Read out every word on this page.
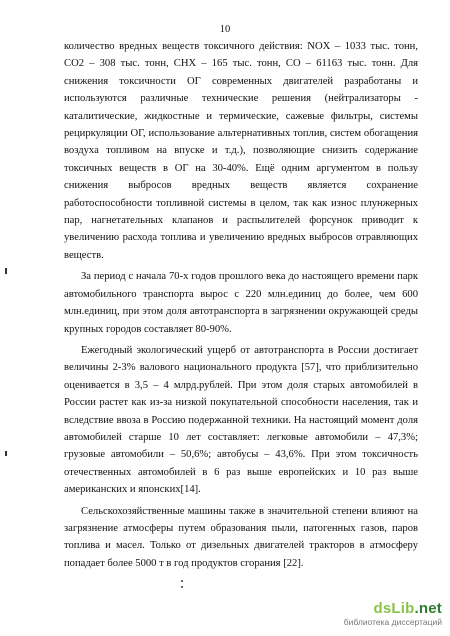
10

количество вредных веществ токсичного действия: NOX – 1033 тыс. тонн, CO2 – 308 тыс. тонн, CHX – 165 тыс. тонн, СО – 61163 тыс. тонн. Для снижения токсичности ОГ современных двигателей разработаны и используются различные технические решения (нейтрализаторы - каталитические, жидкостные и термические, сажевые фильтры, системы рециркуляции ОГ, использование альтернативных топлив, систем обогащения воздуха топливом на впуске и т.д.), позволяющие снизить содержание токсичных веществ в ОГ на 30-40%. Ещё одним аргументом в пользу снижения выбросов вредных веществ является сохранение работоспособности топливной системы в целом, так как износ плунжерных пар, нагнетательных клапанов и распылителей форсунок приводит к увеличению расхода топлива и увеличению вредных выбросов отравляющих веществ.

За период с начала 70-х годов прошлого века до настоящего времени парк автомобильного транспорта вырос с 220 млн.единиц до более, чем 600 млн.единиц, при этом доля автотранспорта в загрязнении окружающей среды крупных городов составляет 80-90%.

Ежегодный экологический ущерб от автотранспорта в России достигает величины 2-3% валового национального продукта [57], что приблизительно оценивается в 3,5 – 4 млрд.рублей. При этом доля старых автомобилей в России растет как из-за низкой покупательной способности населения, так и вследствие ввоза в Россию подержанной техники. На настоящий момент доля автомобилей старше 10 лет составляет: легковые автомобили – 47,3%; грузовые автомобили – 50,6%; автобусы – 43,6%. При этом токсичность отечественных автомобилей в 6 раз выше европейских и 10 раз выше американских и японских[14].

Сельскохозяйственные машины также в значительной степени влияют на загрязнение атмосферы путем образования пыли, патогенных газов, паров топлива и масел. Только от дизельных двигателей тракторов в атмосферу попадает более 5000 т в год продуктов сгорания [22].

dsLib.net
библиотека диссертаций
